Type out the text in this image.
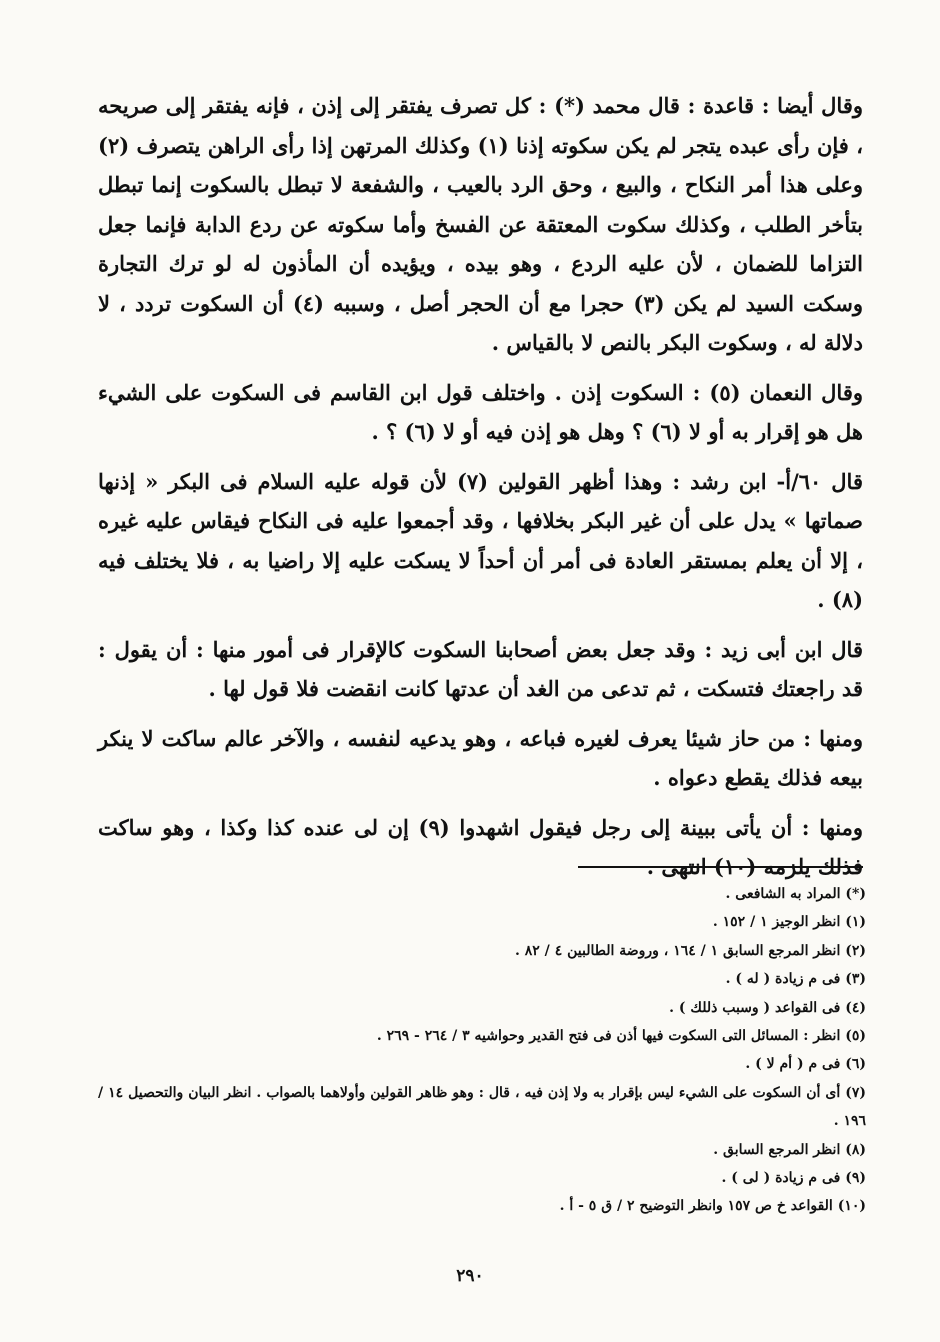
وقال أيضا : قاعدة : قال محمد (*) : كل تصرف يفتقر إلى إذن ، فإنه يفتقر إلى صريحه ، فإن رأى عبده يتجر لم يكن سكوته إذنا (١) وكذلك المرتهن إذا رأى الراهن يتصرف (٢) وعلى هذا أمر النكاح ، والبيع ، وحق الرد بالعيب ، والشفعة لا تبطل بالسكوت إنما تبطل بتأخر الطلب ، وكذلك سكوت المعتقة عن الفسخ وأما سكوته عن ردع الدابة فإنما جعل التزاما للضمان ، لأن عليه الردع ، وهو بيده ، ويؤيده أن المأذون له لو ترك التجارة وسكت السيد لم يكن (٣) حجرا مع أن الحجر أصل ، وسببه (٤) أن السكوت تردد ، لا دلالة له ، وسكوت البكر بالنص لا بالقياس .

وقال النعمان (٥) : السكوت إذن . واختلف قول ابن القاسم فى السكوت على الشيء هل هو إقرار به أو لا (٦) ؟ وهل هو إذن فيه أو لا (٦) ؟ .

قال ٦٠/أ- ابن رشد : وهذا أظهر القولين (٧) لأن قوله عليه السلام فى البكر « إذنها صماتها » يدل على أن غير البكر بخلافها ، وقد أجمعوا عليه فى النكاح فيقاس عليه غيره ، إلا أن يعلم بمستقر العادة فى أمر أن أحداً لا يسكت عليه إلا راضيا به ، فلا يختلف فيه (٨) .

قال ابن أبى زيد : وقد جعل بعض أصحابنا السكوت كالإقرار فى أمور منها : أن يقول : قد راجعتك فتسكت ، ثم تدعى من الغد أن عدتها كانت انقضت فلا قول لها .

ومنها : من حاز شيئا يعرف لغيره فباعه ، وهو يدعيه لنفسه ، والآخر عالم ساكت لا ينكر بيعه فذلك يقطع دعواه .

ومنها : أن يأتى ببينة إلى رجل فيقول اشهدوا (٩) إن لى عنده كذا وكذا ، وهو ساكت فذلك يلزمه (١٠) انتهى .

(*) المراد به الشافعى .

(١) انظر الوجيز ١ / ١٥٢ .

(٢) انظر المرجع السابق ١ / ١٦٤ ، وروضة الطالبين ٤ / ٨٢ .

(٣) فى م زيادة ( له ) .

(٤) فى القواعد ( وسبب ذللك ) .

(٥) انظر : المسائل التى السكوت فيها أذن فى فتح القدير وحواشيه ٣ / ٢٦٤ - ٢٦٩ .

(٦) فى م ( أم لا ) .

(٧) أى أن السكوت على الشيء ليس بإقرار به ولا إذن فيه ، قال : وهو ظاهر القولين وأولاهما بالصواب . انظر البيان والتحصيل ١٤ / ١٩٦ .

(٨) انظر المرجع السابق .

(٩) فى م زيادة ( لى ) .

(١٠) القواعد خ ص ١٥٧ وانظر التوضيح ٢ / ق ٥ - أ .

٢٩٠
